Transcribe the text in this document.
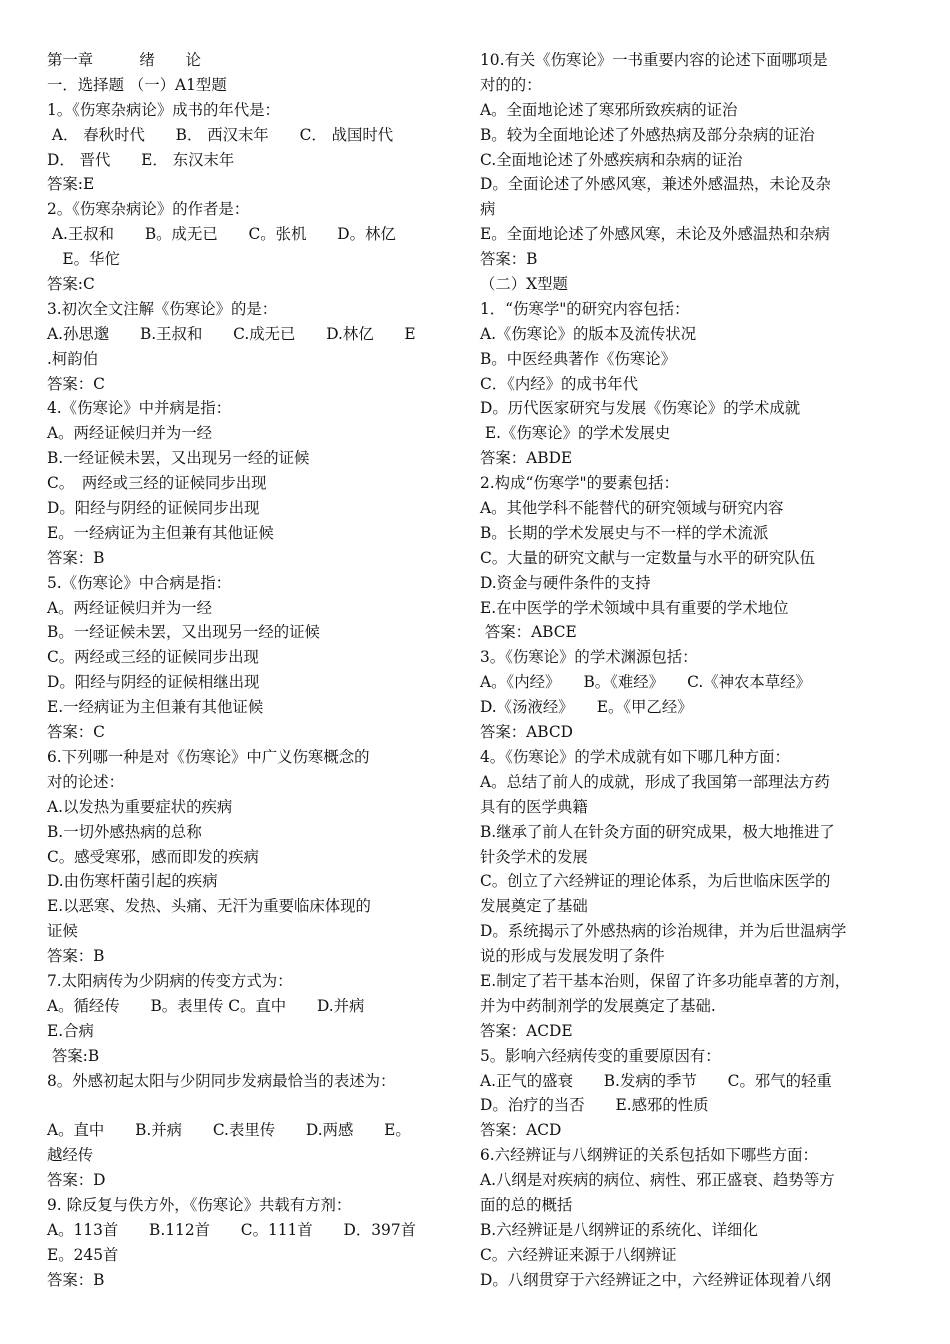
第一章　　　绪　　论
一．选择题 （一）A1型题
1。《伤寒杂病论》成书的年代是：
A． 春秋时代　　B． 西汉末年　　C． 战国时代
D． 晋代　　E． 东汉末年
答案:E
2。《伤寒杂病论》的作者是：
A.王叔和　　B。成无已　　C。张机　　D。林亿
　E。华佗
答案:C
3.初次全文注解《伤寒论》的是：
A.孙思邈　　B.王叔和　　C.成无已　　D.林亿　　E
.柯韵伯
答案：C
4.《伤寒论》中并病是指：
A。两经证候归并为一经
B.一经证候未罢，又出现另一经的证候
C。　两经或三经的证候同步出现
D。阳经与阴经的证候同步出现
E。一经病证为主但兼有其他证候
答案：B
5.《伤寒论》中合病是指：
A。两经证候归并为一经
B。一经证候未罢，又出现另一经的证候
C。两经或三经的证候同步出现
D。阳经与阴经的证候相继出现
E.一经病证为主但兼有其他证候
答案：C
6.下列哪一种是对《伤寒论》中广义伤寒概念的
对的论述：
A.以发热为重要症状的疾病
B.一切外感热病的总称
C。感受寒邪，感而即发的疾病
D.由伤寒杆菌引起的疾病
E.以恶寒、发热、头痛、无汗为重要临床体现的
证候
答案：B
7.太阳病传为少阴病的传变方式为：
A。循经传　　B。表里传 C。直中　　D.并病
E.合病
答案:B
8。外感初起太阳与少阴同步发病最恰当的表述为：
A。直中　　B.并病　　C.表里传　　D.两感　　E。
越经传
答案：D
9. 除反复与佚方外，《伤寒论》共载有方剂：
A。113首　　B.112首　　C。111首　　D．397首
E。245首
答案：B
10.有关《伤寒论》一书重要内容的论述下面哪项是
对的的：
A。全面地论述了寒邪所致疾病的证治
B。较为全面地论述了外感热病及部分杂病的证治
C.全面地论述了外感疾病和杂病的证治
D。全面论述了外感风寒，兼述外感温热，未论及杂
病
E。全面地论述了外感风寒，未论及外感温热和杂病
答案：B
（二）X型题
1．“伤寒学"的研究内容包括：
A.《伤寒论》的版本及流传状况
B。中医经典著作《伤寒论》
C．《内经》的成书年代
D。历代医家研究与发展《伤寒论》的学术成就
E.《伤寒论》的学术发展史
答案：ABDE
2.构成“伤寒学"的要素包括：
A。其他学科不能替代的研究领域与研究内容
B。长期的学术发展史与不一样的学术流派
C。大量的研究文献与一定数量与水平的研究队伍
D.资金与硬件条件的支持
E.在中医学的学术领域中具有重要的学术地位
答案：ABCE
3。《伤寒论》的学术渊源包括：
A。《内经》　　B。《难经》　　C.《神农本草经》
D.《汤液经》　　E。《甲乙经》
答案：ABCD
4。《伤寒论》的学术成就有如下哪几种方面：
A。总结了前人的成就，形成了我国第一部理法方药
具有的医学典籍
B.继承了前人在针灸方面的研究成果，极大地推进了
针灸学术的发展
C。创立了六经辨证的理论体系，为后世临床医学的
发展奠定了基础
D。系统揭示了外感热病的诊治规律，并为后世温病学
说的形成与发展发明了条件
E.制定了若干基本治则，保留了许多功能卓著的方剂，
并为中药制剂学的发展奠定了基础.
答案：ACDE
5。影响六经病传变的重要原因有：
A.正气的盛衰　　B.发病的季节　　C。邪气的轻重
D。治疗的当否　　E.感邪的性质
答案：ACD
6.六经辨证与八纲辨证的关系包括如下哪些方面：
A.八纲是对疾病的病位、病性、邪正盛衰、趋势等方
面的总的概括
B.六经辨证是八纲辨证的系统化、详细化
C。六经辨证来源于八纲辨证
D。八纲贯穿于六经辨证之中，六经辨证体现着八纲
